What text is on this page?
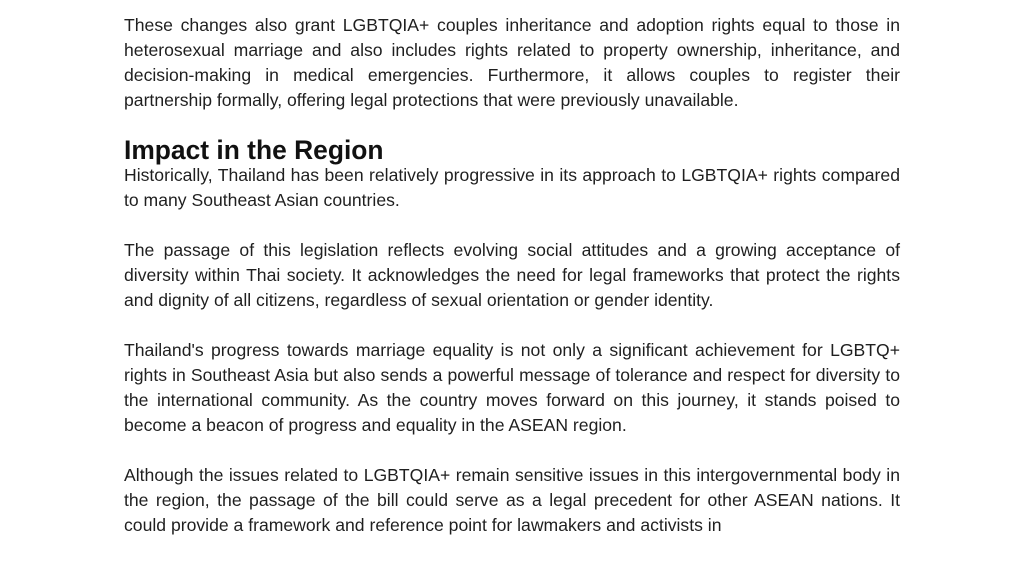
These changes also grant LGBTQIA+ couples inheritance and adoption rights equal to those in heterosexual marriage and also includes rights related to property ownership, inheritance, and decision-making in medical emergencies. Furthermore, it allows couples to register their partnership formally, offering legal protections that were previously unavailable.

Impact in the Region

Historically, Thailand has been relatively progressive in its approach to LGBTQIA+ rights compared to many Southeast Asian countries.

The passage of this legislation reflects evolving social attitudes and a growing acceptance of diversity within Thai society. It acknowledges the need for legal frameworks that protect the rights and dignity of all citizens, regardless of sexual orientation or gender identity.

Thailand's progress towards marriage equality is not only a significant achievement for LGBTQ+ rights in Southeast Asia but also sends a powerful message of tolerance and respect for diversity to the international community. As the country moves forward on this journey, it stands poised to become a beacon of progress and equality in the ASEAN region.

Although the issues related to LGBTQIA+ remain sensitive issues in this intergovernmental body in the region, the passage of the bill could serve as a legal precedent for other ASEAN nations. It could provide a framework and reference point for lawmakers and activists in
